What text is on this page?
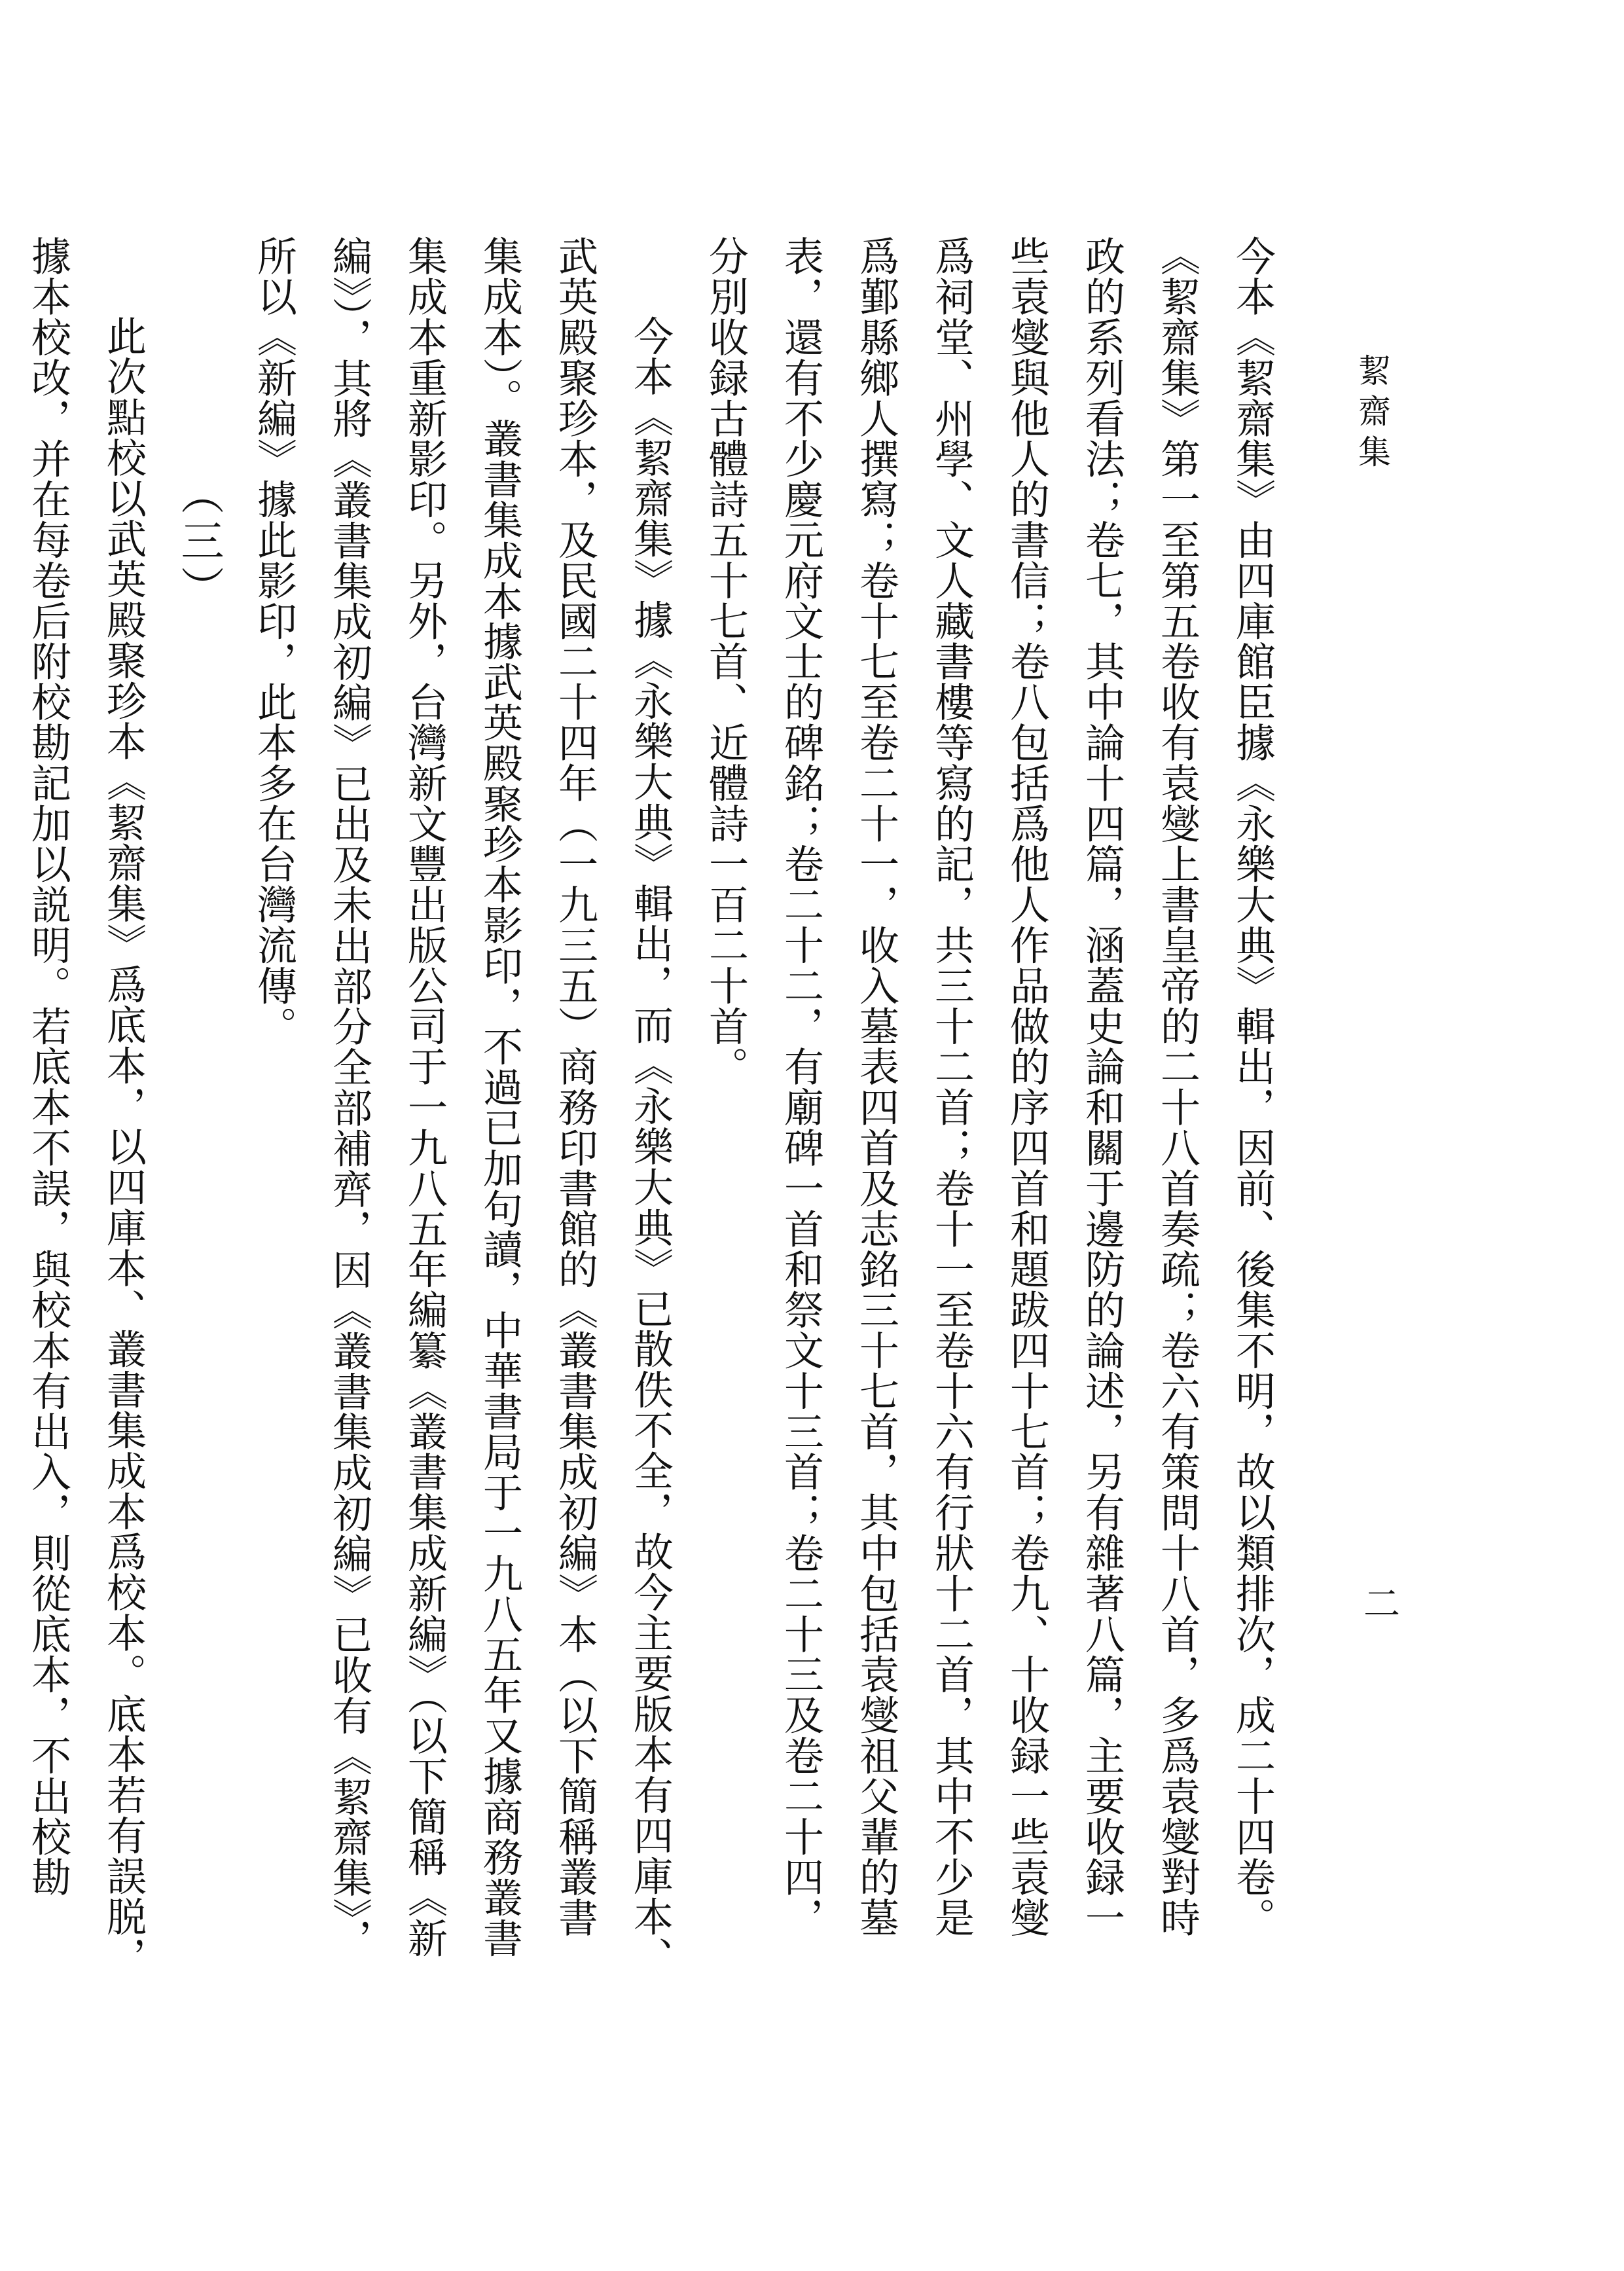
絜齋集
二

今本《絜齋集》由四庫館臣據《永樂大典》輯出，因前、後集不明，故以類排次，成二十四卷。《絜齋集》第一至第五卷收有袁燮上書皇帝的二十八首奏疏；卷六有策問十八首，多爲袁燮對時政的系列看法；卷七，其中論十四篇，涵蓋史論和關于邊防的論述，另有雜著八篇，主要收録一些袁燮與他人的書信；卷八包括爲他人作品做的序四首和題跋四十七首；卷九、十收録一些袁燮爲祠堂、州學、文人藏書樓等寫的記，共三十二首；卷十一至卷十六有行狀十二首，其中不少是爲鄞縣鄉人撰寫；卷十七至卷二十一，收入墓表四首及志銘三十七首，其中包括袁燮祖父輩的墓表，還有不少慶元府文士的碑銘；卷二十二，有廟碑一首和祭文十三首；卷二十三及卷二十四，分別收録古體詩五十七首、近體詩一百二十首。

今本《絜齋集》據《永樂大典》輯出，而《永樂大典》已散佚不全，故今主要版本有四庫本、武英殿聚珍本，及民國二十四年（一九三五）商務印書館的《叢書集成初編》本（以下簡稱叢書集成本）。叢書集成本據武英殿聚珍本影印，不過已加句讀，中華書局于一九八五年又據商務叢書集成本重新影印。另外，台灣新文豐出版公司于一九八五年編纂《叢書集成新編》（以下簡稱《新編》），其將《叢書集成初編》已出及未出部分全部補齊，因《叢書集成初編》已收有《絜齋集》，所以《新編》據此影印，此本多在台灣流傳。

（三）

此次點校以武英殿聚珍本《絜齋集》爲底本，以四庫本、叢書集成本爲校本。底本若有誤脱，據本校改，并在每卷后附校勘記加以説明。若底本不誤，與校本有出入，則從底本，不出校勘
